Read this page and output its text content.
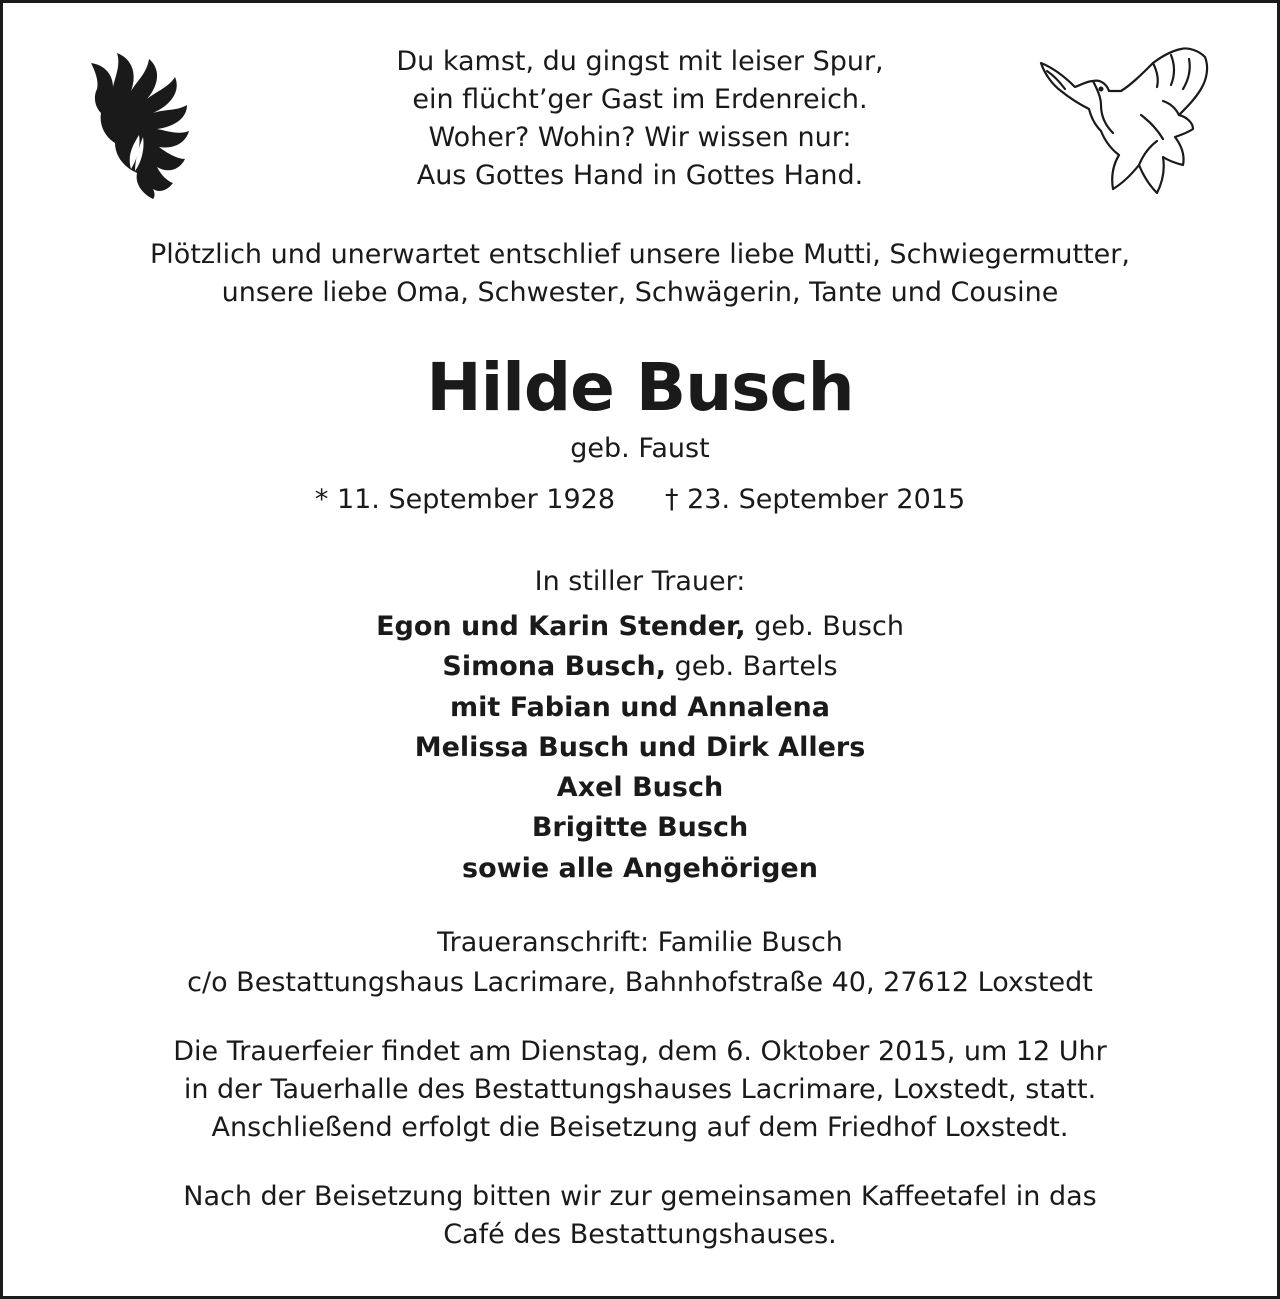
Du kamst, du gingst mit leiser Spur,
ein flücht’ger Gast im Erdenreich.
Woher? Wohin? Wir wissen nur:
Aus Gottes Hand in Gottes Hand.
Plötzlich und unerwartet entschlief unsere liebe Mutti, Schwiegermutter,
unsere liebe Oma, Schwester, Schwägerin, Tante und Cousine
Hilde Busch
geb. Faust
* 11. September 1928 † 23. September 2015
In stiller Trauer:
Egon und Karin Stender, geb. Busch
Simona Busch, geb. Bartels
mit Fabian und Annalena
Melissa Busch und Dirk Allers
Axel Busch
Brigitte Busch
sowie alle Angehörigen
Traueranschrift: Familie Busch
c/o Bestattungshaus Lacrimare, Bahnhofstraße 40, 27612 Loxstedt
Die Trauerfeier findet am Dienstag, dem 6. Oktober 2015, um 12 Uhr
in der Tauerhalle des Bestattungshauses Lacrimare, Loxstedt, statt.
Anschließend erfolgt die Beisetzung auf dem Friedhof Loxstedt.
Nach der Beisetzung bitten wir zur gemeinsamen Kaffeetafel in das
Café des Bestattungshauses.
